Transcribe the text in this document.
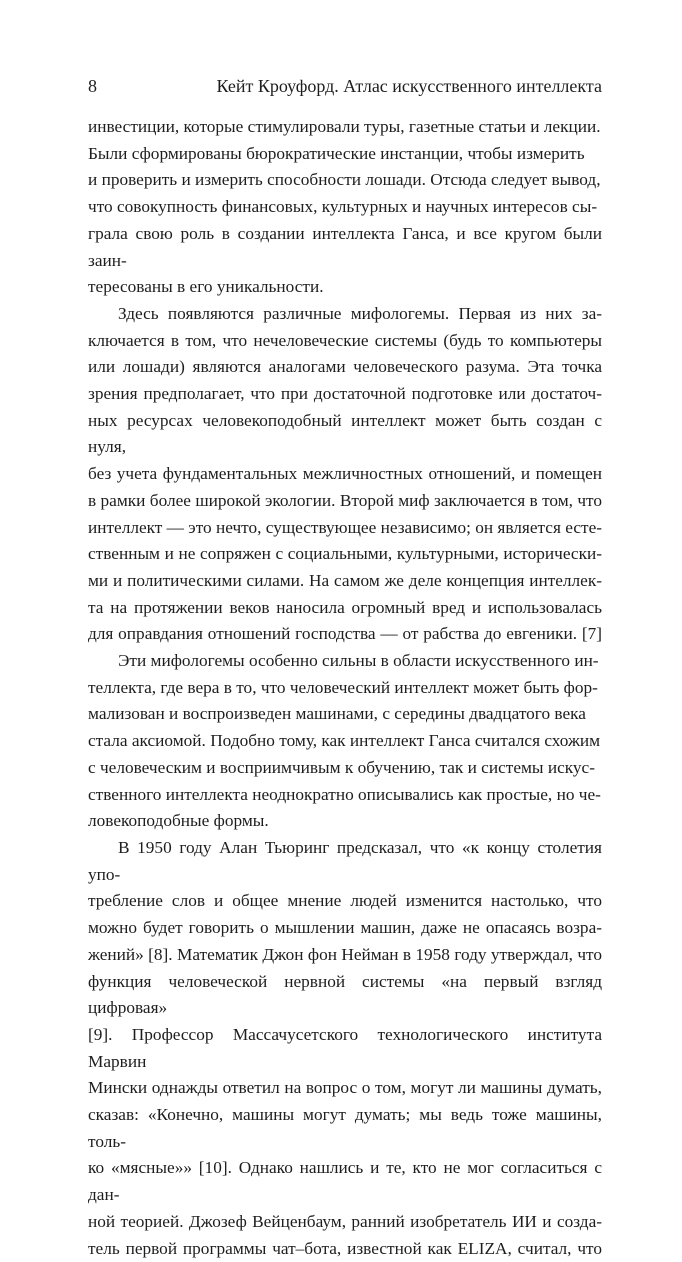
8	Кейт Кроуфорд. Атлас искусственного интеллекта

инвестиции, которые стимулировали туры, газетные статьи и лекции.
Были сформированы бюрократические инстанции, чтобы измерить
и проверить и измерить способности лошади. Отсюда следует вывод,
что совокупность финансовых, культурных и научных интересов сы-
грала свою роль в создании интеллекта Ганса, и все кругом были заин-
тересованы в его уникальности.

Здесь появляются различные мифологемы. Первая из них за-
ключается в том, что нечеловеческие системы (будь то компьютеры
или лошади) являются аналогами человеческого разума. Эта точка
зрения предполагает, что при достаточной подготовке или достаточ-
ных ресурсах человекоподобный интеллект может быть создан с нуля,
без учета фундаментальных межличностных отношений, и помещен
в рамки более широкой экологии. Второй миф заключается в том, что
интеллект — это нечто, существующее независимо; он является есте-
ственным и не сопряжен с социальными, культурными, исторически-
ми и политическими силами. На самом же деле концепция интеллек-
та на протяжении веков наносила огромный вред и использовалась
для оправдания отношений господства — от рабства до евгеники. [7]

Эти мифологемы особенно сильны в области искусственного ин-
теллекта, где вера в то, что человеческий интеллект может быть фор-
мализован и воспроизведен машинами, с середины двадцатого века
стала аксиомой. Подобно тому, как интеллект Ганса считался схожим
с человеческим и восприимчивым к обучению, так и системы искус-
ственного интеллекта неоднократно описывались как простые, но че-
ловекоподобные формы.

В 1950 году Алан Тьюринг предсказал, что «к концу столетия упо-
требление слов и общее мнение людей изменится настолько, что
можно будет говорить о мышлении машин, даже не опасаясь возра-
жений» [8]. Математик Джон фон Нейман в 1958 году утверждал, что
функция человеческой нервной системы «на первый взгляд цифровая»
[9]. Профессор Массачусетского технологического института Марвин
Мински однажды ответил на вопрос о том, могут ли машины думать,
сказав: «Конечно, машины могут думать; мы ведь тоже машины, толь-
ко «мясные»» [10]. Однако нашлись и те, кто не мог согласиться с дан-
ной теорией. Джозеф Вейценбаум, ранний изобретатель ИИ и созда-
тель первой программы чат–бота, известной как ELIZA, считал, что
